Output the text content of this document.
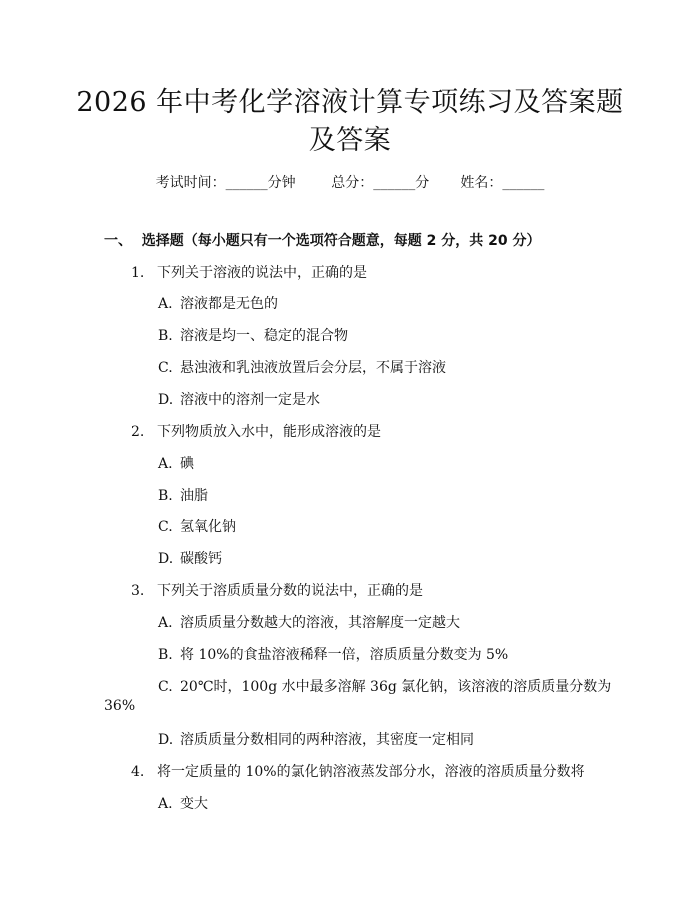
2026 年中考化学溶液计算专项练习及答案题
及答案
考试时间：______分钟	总分：______分 姓名：______
一、 选择题（每小题只有一个选项符合题意，每题 2 分，共 20 分）
1. 下列关于溶液的说法中，正确的是
A. 溶液都是无色的
B. 溶液是均一、稳定的混合物
C. 悬浊液和乳浊液放置后会分层，不属于溶液
D. 溶液中的溶剂一定是水
2. 下列物质放入水中，能形成溶液的是
A. 碘
B. 油脂
C. 氢氧化钠
D. 碳酸钙
3. 下列关于溶质质量分数的说法中，正确的是
A. 溶质质量分数越大的溶液，其溶解度一定越大
B. 将 10%的食盐溶液稀释一倍，溶质质量分数变为 5%
C. 20℃时，100g 水中最多溶解 36g 氯化钠，该溶液的溶质质量分数为
36%
D. 溶质质量分数相同的两种溶液，其密度一定相同
4. 将一定质量的 10%的氯化钠溶液蒸发部分水，溶液的溶质质量分数将
A. 变大
